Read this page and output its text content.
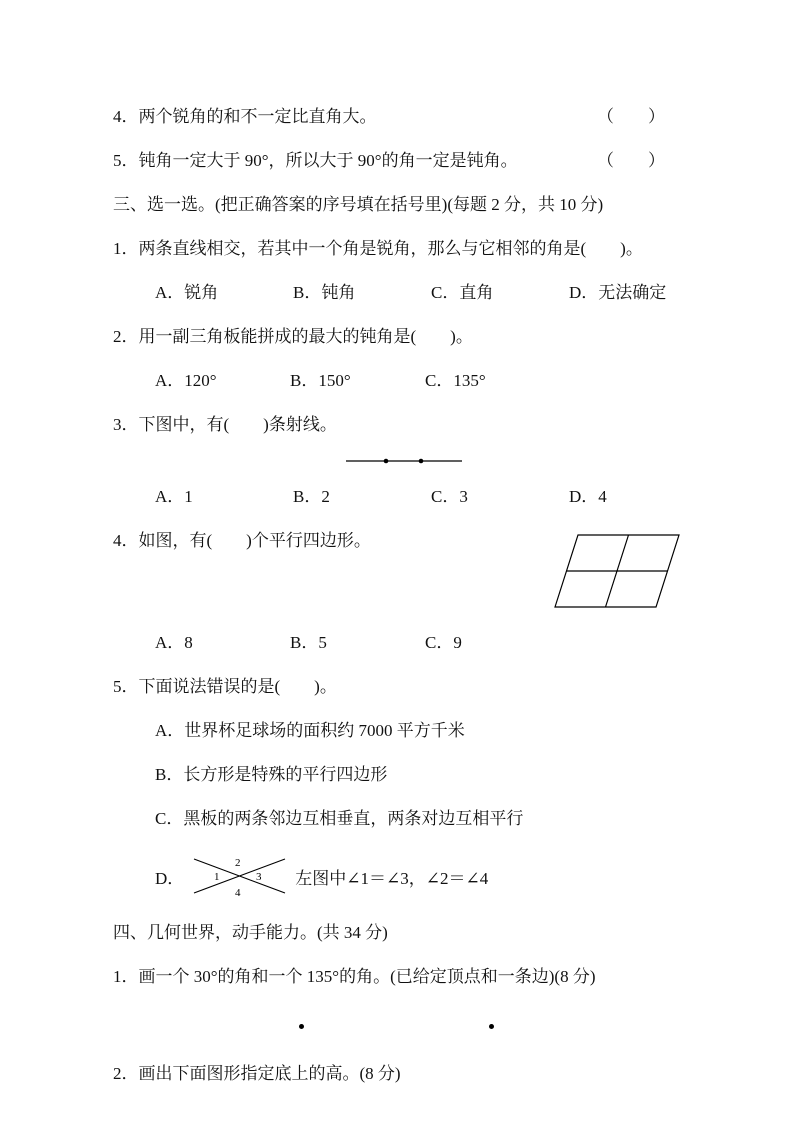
4．两个锐角的和不一定比直角大。	（　　）
5．钝角一定大于 90°，所以大于 90°的角一定是钝角。	（　　）
三、选一选。(把正确答案的序号填在括号里)(每题 2 分，共 10 分)
1．两条直线相交，若其中一个角是锐角，那么与它相邻的角是(　　)。
A．锐角	B．钝角	C．直角	D．无法确定
2．用一副三角板能拼成的最大的钝角是(　　)。
A．120°	B．150°	C．135°
3．下图中，有(　　)条射线。
A．1	B．2	C．3	D．4
4．如图，有(　　)个平行四边形。
A．8	B．5	C．9
5．下面说法错误的是(　　)。
A．世界杯足球场的面积约 7000 平方千米
B．长方形是特殊的平行四边形
C．黑板的两条邻边互相垂直，两条对边互相平行
D．
2
1	3
4
左图中∠1＝∠3，∠2＝∠4
四、几何世界，动手能力。(共 34 分)
1．画一个 30°的角和一个 135°的角。(已给定顶点和一条边)(8 分)
2．画出下面图形指定底上的高。(8 分)
